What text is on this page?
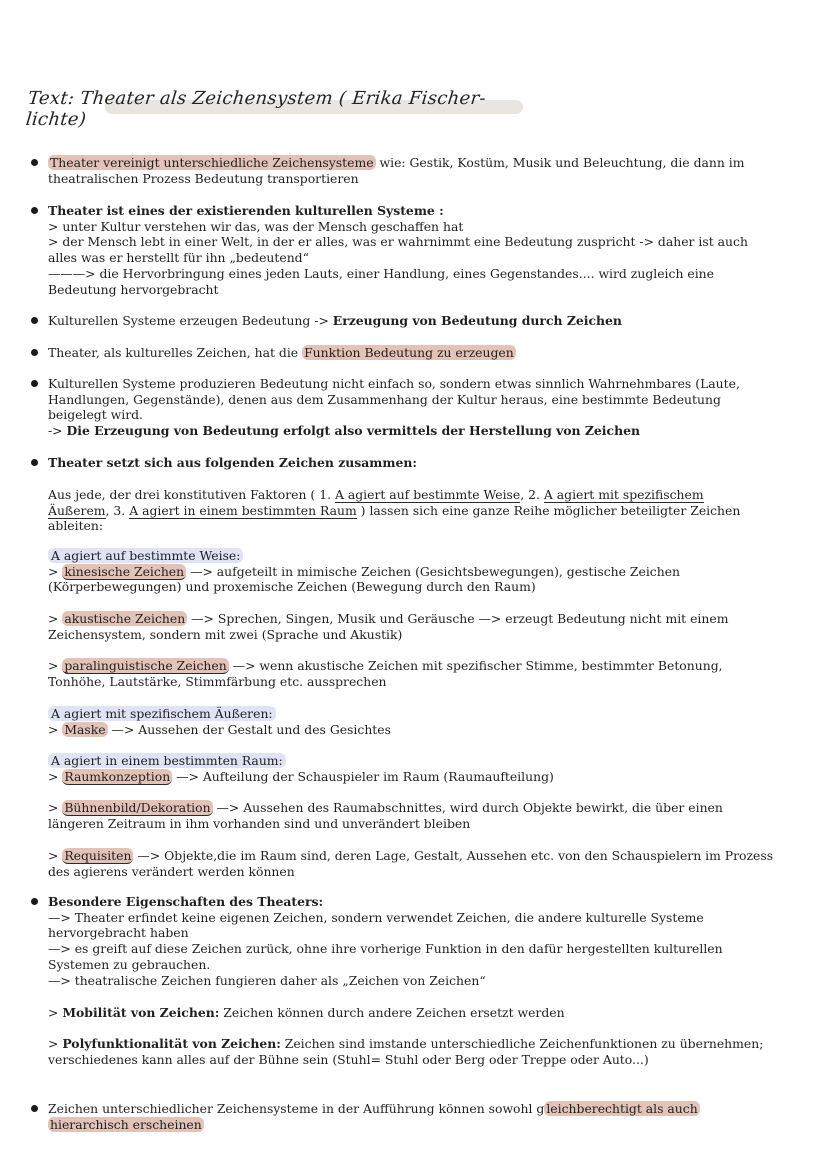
Text: Theater als Zeichensystem ( Erika Fischer- lichte)
Theater vereinigt unterschiedliche Zeichensysteme wie: Gestik, Kostüm, Musik und Beleuchtung, die dann im
theatralischen Prozess Bedeutung transportieren
Theater ist eines der existierenden kulturellen Systeme :
> unter Kultur verstehen wir das, was der Mensch geschaffen hat
> der Mensch lebt in einer Welt, in der er alles, was er wahrnimmt eine Bedeutung zuspricht -> daher ist auch
alles was er herstellt für ihn „bedeutend“
———> die Hervorbringung eines jeden Lauts, einer Handlung, eines Gegenstandes.... wird zugleich eine
Bedeutung hervorgebracht
Kulturellen Systeme erzeugen Bedeutung -> Erzeugung von Bedeutung durch Zeichen
Theater, als kulturelles Zeichen, hat die Funktion Bedeutung zu erzeugen
Kulturellen Systeme produzieren Bedeutung nicht einfach so, sondern etwas sinnlich Wahrnehmbares (Laute,
Handlungen, Gegenstände), denen aus dem Zusammenhang der Kultur heraus, eine bestimmte Bedeutung
beigelegt wird.
-> Die Erzeugung von Bedeutung erfolgt also vermittels der Herstellung von Zeichen
Theater setzt sich aus folgenden Zeichen zusammen:
Aus jede, der drei konstitutiven Faktoren ( 1. A agiert auf bestimmte Weise, 2. A agiert mit spezifischem
Äußerem, 3. A agiert in einem bestimmten Raum ) lassen sich eine ganze Reihe möglicher beteiligter Zeichen
ableiten:
A agiert auf bestimmte Weise:
> kinesische Zeichen —> aufgeteilt in mimische Zeichen (Gesichtsbewegungen), gestische Zeichen
(Körperbewegungen) und proxemische Zeichen (Bewegung durch den Raum)
> akustische Zeichen —> Sprechen, Singen, Musik und Geräusche —> erzeugt Bedeutung nicht mit einem
Zeichensystem, sondern mit zwei (Sprache und Akustik)
> paralinguistische Zeichen —> wenn akustische Zeichen mit spezifischer Stimme, bestimmter Betonung,
Tonhöhe, Lautstärke, Stimmfärbung etc. aussprechen
A agiert mit spezifischem Äußeren:
> Maske —> Aussehen der Gestalt und des Gesichtes
A agiert in einem bestimmten Raum:
> Raumkonzeption —> Aufteilung der Schauspieler im Raum (Raumaufteilung)
> Bühnenbild/Dekoration —> Aussehen des Raumabschnittes, wird durch Objekte bewirkt, die über einen
längeren Zeitraum in ihm vorhanden sind und unverändert bleiben
> Requisiten —> Objekte,die im Raum sind, deren Lage, Gestalt, Aussehen etc. von den Schauspielern im Prozess
des agierens verändert werden können
Besondere Eigenschaften des Theaters:
—> Theater erfindet keine eigenen Zeichen, sondern verwendet Zeichen, die andere kulturelle Systeme
hervorgebracht haben
—> es greift auf diese Zeichen zurück, ohne ihre vorherige Funktion in den dafür hergestellten kulturellen
Systemen zu gebrauchen.
—> theatralische Zeichen fungieren daher als „Zeichen von Zeichen“
> Mobilität von Zeichen: Zeichen können durch andere Zeichen ersetzt werden
> Polyfunktionalität von Zeichen: Zeichen sind imstande unterschiedliche Zeichenfunktionen zu übernehmen;
verschiedenes kann alles auf der Bühne sein (Stuhl= Stuhl oder Berg oder Treppe oder Auto...)
Zeichen unterschiedlicher Zeichensysteme in der Aufführung können sowohl g leichberechtigt als auch
hierarchisch erscheinen
